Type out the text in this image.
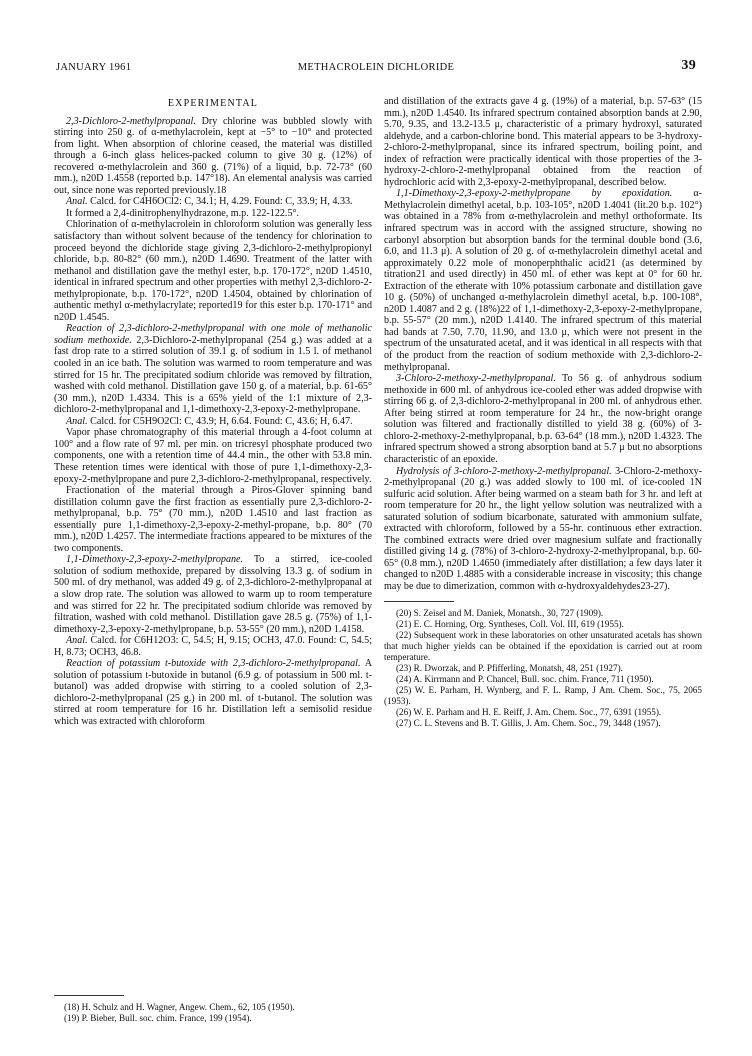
JANUARY 1961	METHACROLEIN DICHLORIDE	39

EXPERIMENTAL

2,3-Dichloro-2-methylpropanal. Dry chlorine was bubbled slowly with stirring into 250 g. of α-methylacrolein, kept at −5° to −10° and protected from light. When absorption of chlorine ceased, the material was distilled through a 6-inch glass helices-packed column to give 30 g. (12%) of recovered α-methylacrolein and 360 g. (71%) of a liquid, b.p. 72-73° (60 mm.), n20D 1.4558 (reported b.p. 147°18). An elemental analysis was carried out, since none was reported previously.18

Anal. Calcd. for C4H6OCl2: C, 34.1; H, 4.29. Found: C, 33.9; H, 4.33.

It formed a 2,4-dinitrophenylhydrazone, m.p. 122-122.5°.

Chlorination of α-methylacrolein in chloroform solution was generally less satisfactory than without solvent because of the tendency for chlorination to proceed beyond the dichloride stage giving 2,3-dichloro-2-methylpropionyl chloride, b.p. 80-82° (60 mm.), n20D 1.4690. Treatment of the latter with methanol and distillation gave the methyl ester, b.p. 170-172°, n20D 1.4510, identical in infrared spectrum and other properties with methyl 2,3-dichloro-2-methylpropionate, b.p. 170-172°, n20D 1.4504, obtained by chlorination of authentic methyl α-methylacrylate; reported19 for this ester b.p. 170-171° and n20D 1.4545.

Reaction of 2,3-dichloro-2-methylpropanal with one mole of methanolic sodium methoxide. 2,3-Dichloro-2-methylpropanal (254 g.) was added at a fast drop rate to a stirred solution of 39.1 g. of sodium in 1.5 l. of methanol cooled in an ice bath. The solution was warmed to room temperature and was stirred for 15 hr. The precipitated sodium chloride was removed by filtration, washed with cold methanol. Distillation gave 150 g. of a material, b.p. 61-65° (30 mm.), n20D 1.4334. This is a 65% yield of the 1:1 mixture of 2,3-dichloro-2-methylpropanal and 1,1-dimethoxy-2,3-epoxy-2-methylpropane.

Anal. Calcd. for C5H9O2Cl: C, 43.9; H, 6.64. Found: C, 43.6; H, 6.47.

Vapor phase chromatography of this material through a 4-foot column at 100° and a flow rate of 97 ml. per min. on tricresyl phosphate produced two components, one with a retention time of 44.4 min., the other with 53.8 min. These retention times were identical with those of pure 1,1-dimethoxy-2,3-epoxy-2-methylpropane and pure 2,3-dichloro-2-methylpropanal, respectively.

Fractionation of the material through a Piros-Glover spinning band distillation column gave the first fraction as essentially pure 2,3-dichloro-2-methylpropanal, b.p. 75° (70 mm.), n20D 1.4510 and last fraction as essentially pure 1,1-dimethoxy-2,3-epoxy-2-methyl-propane, b.p. 80° (70 mm.), n20D 1.4257. The intermediate fractions appeared to be mixtures of the two components.

1,1-Dimethoxy-2,3-epoxy-2-methylpropane. To a stirred, ice-cooled solution of sodium methoxide, prepared by dissolving 13.3 g. of sodium in 500 ml. of dry methanol, was added 49 g. of 2,3-dichloro-2-methylpropanal at a slow drop rate. The solution was allowed to warm up to room temperature and was stirred for 22 hr. The precipitated sodium chloride was removed by filtration, washed with cold methanol. Distillation gave 28.5 g. (75%) of 1,1-dimethoxy-2,3-epoxy-2-methylpropane, b.p. 53-55° (20 mm.), n20D 1.4158.

Anal. Calcd. for C6H12O3: C, 54.5; H, 9.15; OCH3, 47.0. Found: C, 54.5; H, 8.73; OCH3, 46.8.

Reaction of potassium t-butoxide with 2,3-dichloro-2-methylpropanal. A solution of potassium t-butoxide in butanol (6.9 g. of potassium in 500 ml. t-butanol) was added dropwise with stirring to a cooled solution of 2,3-dichloro-2-methylpropanal (25 g.) in 200 ml. of t-butanol. The solution was stirred at room temperature for 16 hr. Distillation left a semisolid residue which was extracted with chloroform

(18) H. Schulz and H. Wagner, Angew. Chem., 62, 105 (1950).

(19) P. Bieber, Bull. soc. chim. France, 199 (1954).

and distillation of the extracts gave 4 g. (19%) of a material, b.p. 57-63° (15 mm.), n20D 1.4540. Its infrared spectrum contained absorption bands at 2.90, 5.70, 9.35, and 13.2-13.5 μ, characteristic of a primary hydroxyl, saturated aldehyde, and a carbon-chlorine bond. This material appears to be 3-hydroxy-2-chloro-2-methylpropanal, since its infrared spectrum, boiling point, and index of refraction were practically identical with those properties of the 3-hydroxy-2-chloro-2-methylpropanal obtained from the reaction of hydrochloric acid with 2,3-epoxy-2-methylpropanal, described below.

1,1-Dimethoxy-2,3-epoxy-2-methylpropane by epoxidation. α-Methylacrolein dimethyl acetal, b.p. 103-105°, n20D 1.4041 (lit.20 b.p. 102°) was obtained in a 78% from α-methylacrolein and methyl orthoformate. Its infrared spectrum was in accord with the assigned structure, showing no carbonyl absorption but absorption bands for the terminal double bond (3.6, 6.0, and 11.3 μ). A solution of 20 g. of α-methylacrolein dimethyl acetal and approximately 0.22 mole of monoperphthalic acid21 (as determined by titration21 and used directly) in 450 ml. of ether was kept at 0° for 60 hr. Extraction of the etherate with 10% potassium carbonate and distillation gave 10 g. (50%) of unchanged α-methylacrolein dimethyl acetal, b.p. 100-108°, n20D 1.4087 and 2 g. (18%)22 of 1,1-dimethoxy-2,3-epoxy-2-methylpropane, b.p. 55-57° (20 mm.), n20D 1.4140. The infrared spectrum of this material had bands at 7.50, 7.70, 11.90, and 13.0 μ, which were not present in the spectrum of the unsaturated acetal, and it was identical in all respects with that of the product from the reaction of sodium methoxide with 2,3-dichloro-2-methylpropanal.

3-Chloro-2-methoxy-2-methylpropanal. To 56 g. of anhydrous sodium methoxide in 600 ml. of anhydrous ice-cooled ether was added dropwise with stirring 66 g. of 2,3-dichloro-2-methylpropanal in 200 ml. of anhydrous ether. After being stirred at room temperature for 24 hr., the now-bright orange solution was filtered and fractionally distilled to yield 38 g. (60%) of 3-chloro-2-methoxy-2-methylpropanal, b.p. 63-64° (18 mm.), n20D 1.4323. The infrared spectrum showed a strong absorption band at 5.7 μ but no absorptions characteristic of an epoxide.

Hydrolysis of 3-chloro-2-methoxy-2-methylpropanal. 3-Chloro-2-methoxy-2-methylpropanal (20 g.) was added slowly to 100 ml. of ice-cooled 1N sulfuric acid solution. After being warmed on a steam bath for 3 hr. and left at room temperature for 20 hr., the light yellow solution was neutralized with a saturated solution of sodium bicarbonate, saturated with ammonium sulfate, extracted with chloroform, followed by a 55-hr. continuous ether extraction. The combined extracts were dried over magnesium sulfate and fractionally distilled giving 14 g. (78%) of 3-chloro-2-hydroxy-2-methylpropanal, b.p. 60-65° (0.8 mm.), n20D 1.4650 (immediately after distillation; a few days later it changed to n20D 1.4885 with a considerable increase in viscosity; this change may be due to dimerization, common with α-hydroxyaldehydes23-27).

(20) S. Zeisel and M. Daniek, Monatsh., 30, 727 (1909).

(21) E. C. Horning, Org. Syntheses, Coll. Vol. III, 619 (1955).

(22) Subsequent work in these laboratories on other unsaturated acetals has shown that much higher yields can be obtained if the epoxidation is carried out at room temperature.

(23) R. Dworzak, and P. Pfifferling, Monatsh, 48, 251 (1927).

(24) A. Kirrmann and P. Chancel, Bull. soc. chim. France, 711 (1950).

(25) W. E. Parham, H. Wynberg, and F. L. Ramp, J Am. Chem. Soc., 75, 2065 (1953).

(26) W. E. Parham and H. E. Reiff, J. Am. Chem. Soc., 77, 6391 (1955).

(27) C. L. Stevens and B. T. Gillis, J. Am. Chem. Soc., 79, 3448 (1957).
